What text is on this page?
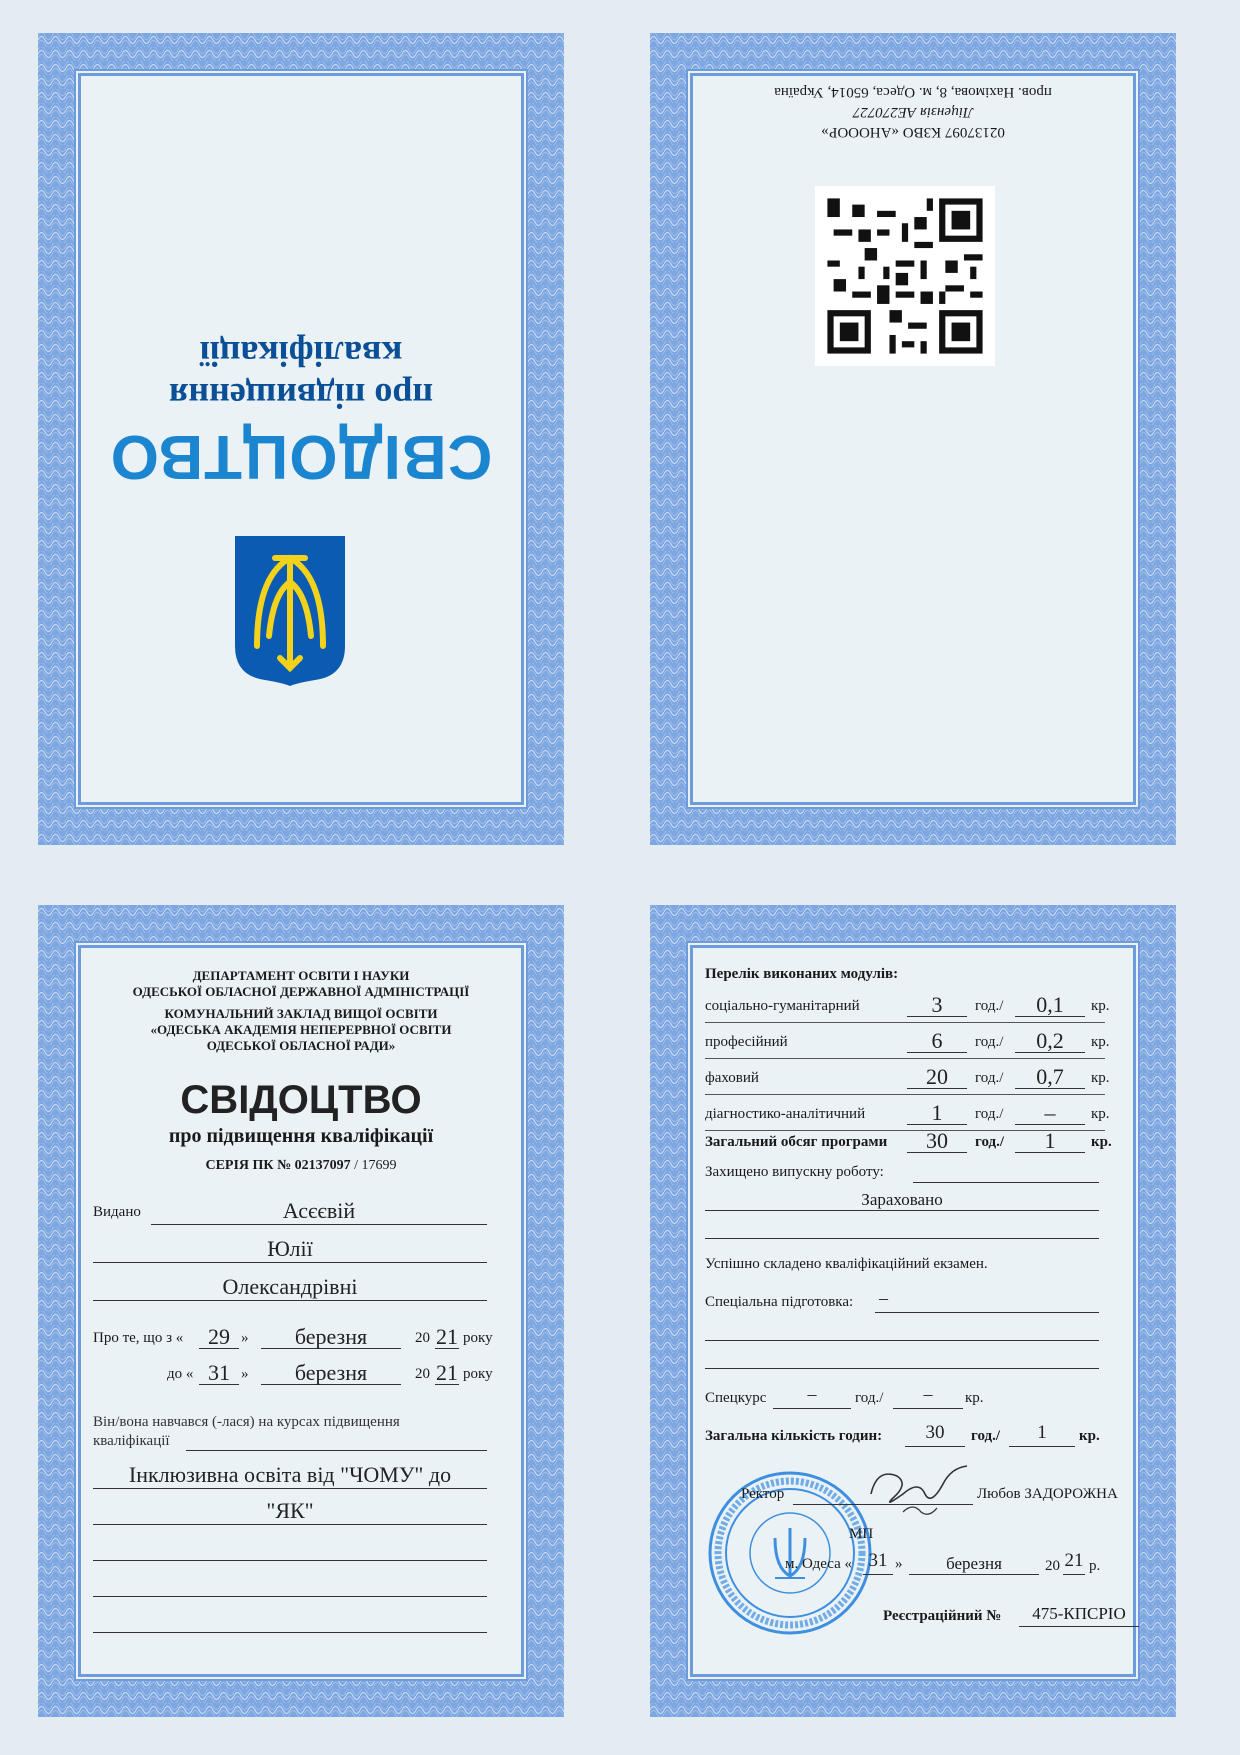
СВІДОЦТВО
про підвищення
кваліфікації
02137097 КЗВО «АНООOР»
Ліцензія АЕ270727
пров. Нахімова, 8, м. Одеса, 65014, Україна
ДЕПАРТАМЕНТ ОСВІТИ І НАУКИ
ОДЕСЬКОЇ ОБЛАСНОЇ ДЕРЖАВНОЇ АДМІНІСТРАЦІЇ
КОМУНАЛЬНИЙ ЗАКЛАД ВИЩОЇ ОСВІТИ
«ОДЕСЬКА АКАДЕМІЯ НЕПЕРЕРВНОЇ ОСВІТИ
ОДЕСЬКОЇ ОБЛАСНОЇ РАДИ»
СВІДОЦТВО
про підвищення кваліфікації
СЕРІЯ ПК № 02137097 / 17699
Видано	Асєєвій
Юлії
Олександрівні
Про те, що з «	29 »	березня	20 21 року
до « 31 »	березня	20 21 року
Він/вона навчався (-лася) на курсах підвищення
кваліфікації
Інклюзивна освіта від "ЧОМУ" до
"ЯК"
Перелік виконаних модулів:
соціально-гуманітарний	3	год./	0,1	кр.
професійний	6	год./	0,2	кр.
фаховий	20	год./	0,7	кр.
діагностико-аналітичний	1	год./	–	кр.
Загальний обсяг програми	30	год./	1	кр.
Захищено випускну роботу:
Зараховано
Успішно складено кваліфікаційний екзамен.
Спеціальна підготовка: –
Спецкурс	–	год./	–	кр.
Загальна кількість годин:	30	год./	1	кр.
Ректор	Любов ЗАДОРОЖНА
МП
м. Одеса « 31 »	березня	20 21 р.
Реєстраційний №	475-КПСРІО
